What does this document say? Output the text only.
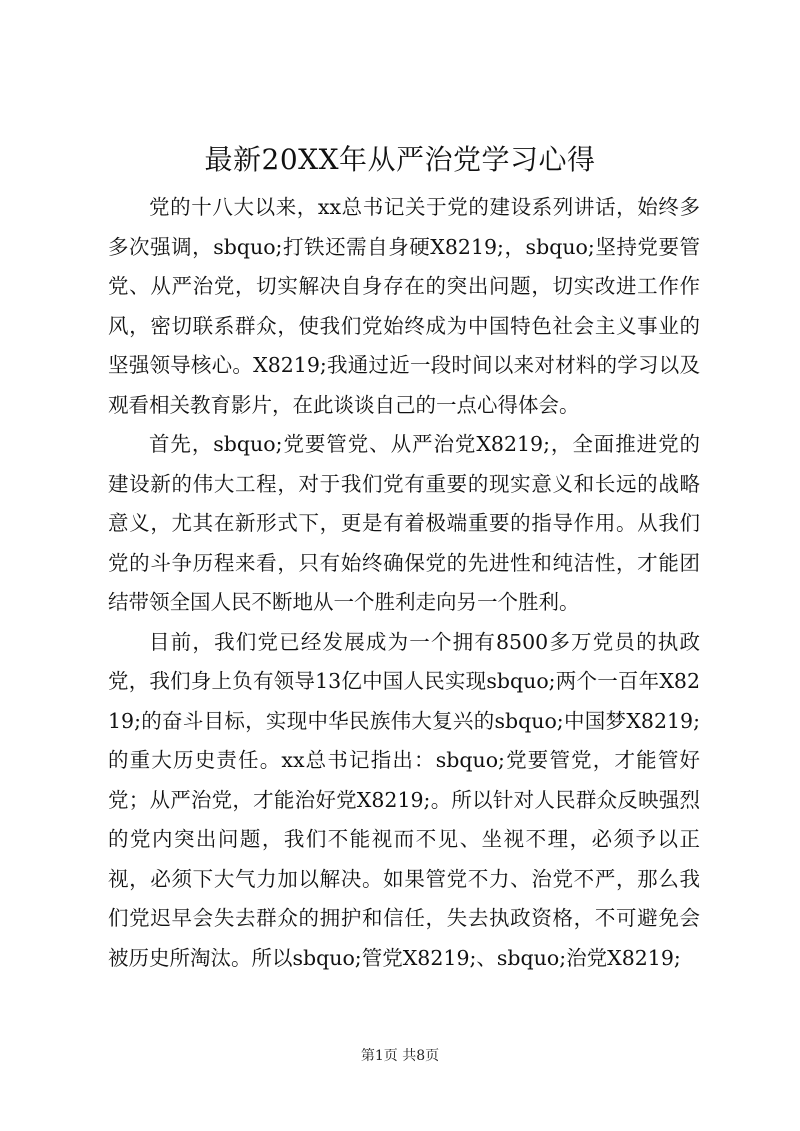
最新20XX年从严治党学习心得

党的十八大以来，xx总书记关于党的建设系列讲话，始终多多次强调，sbquo;打铁还需自身硬X8219;，sbquo;坚持党要管党、从严治党，切实解决自身存在的突出问题，切实改进工作作风，密切联系群众，使我们党始终成为中国特色社会主义事业的坚强领导核心。X8219;我通过近一段时间以来对材料的学习以及观看相关教育影片，在此谈谈自己的一点心得体会。

首先，sbquo;党要管党、从严治党X8219;，全面推进党的建设新的伟大工程，对于我们党有重要的现实意义和长远的战略意义，尤其在新形式下，更是有着极端重要的指导作用。从我们党的斗争历程来看，只有始终确保党的先进性和纯洁性，才能团结带领全国人民不断地从一个胜利走向另一个胜利。

目前，我们党已经发展成为一个拥有8500多万党员的执政党，我们身上负有领导13亿中国人民实现sbquo;两个一百年X8219;的奋斗目标，实现中华民族伟大复兴的sbquo;中国梦X8219;的重大历史责任。xx总书记指出：sbquo;党要管党，才能管好党；从严治党，才能治好党X8219;。所以针对人民群众反映强烈的党内突出问题，我们不能视而不见、坐视不理，必须予以正视，必须下大气力加以解决。如果管党不力、治党不严，那么我们党迟早会失去群众的拥护和信任，失去执政资格，不可避免会被历史所淘汰。所以sbquo;管党X8219;、sbquo;治党X8219;

第1页 共8页
